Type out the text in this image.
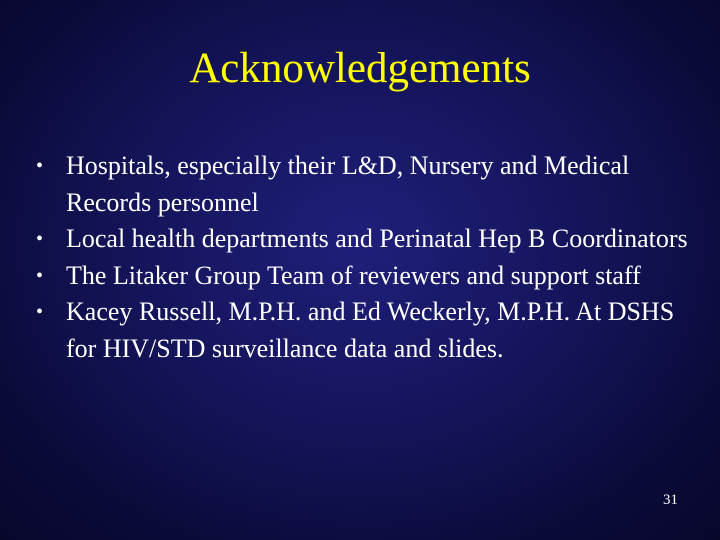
Acknowledgements
• Hospitals, especially their L&D, Nursery and Medical Records personnel
• Local health departments and Perinatal Hep B Coordinators
• The Litaker Group Team of reviewers and support staff
• Kacey Russell, M.P.H. and Ed Weckerly, M.P.H. At DSHS for HIV/STD surveillance data and slides.
31
